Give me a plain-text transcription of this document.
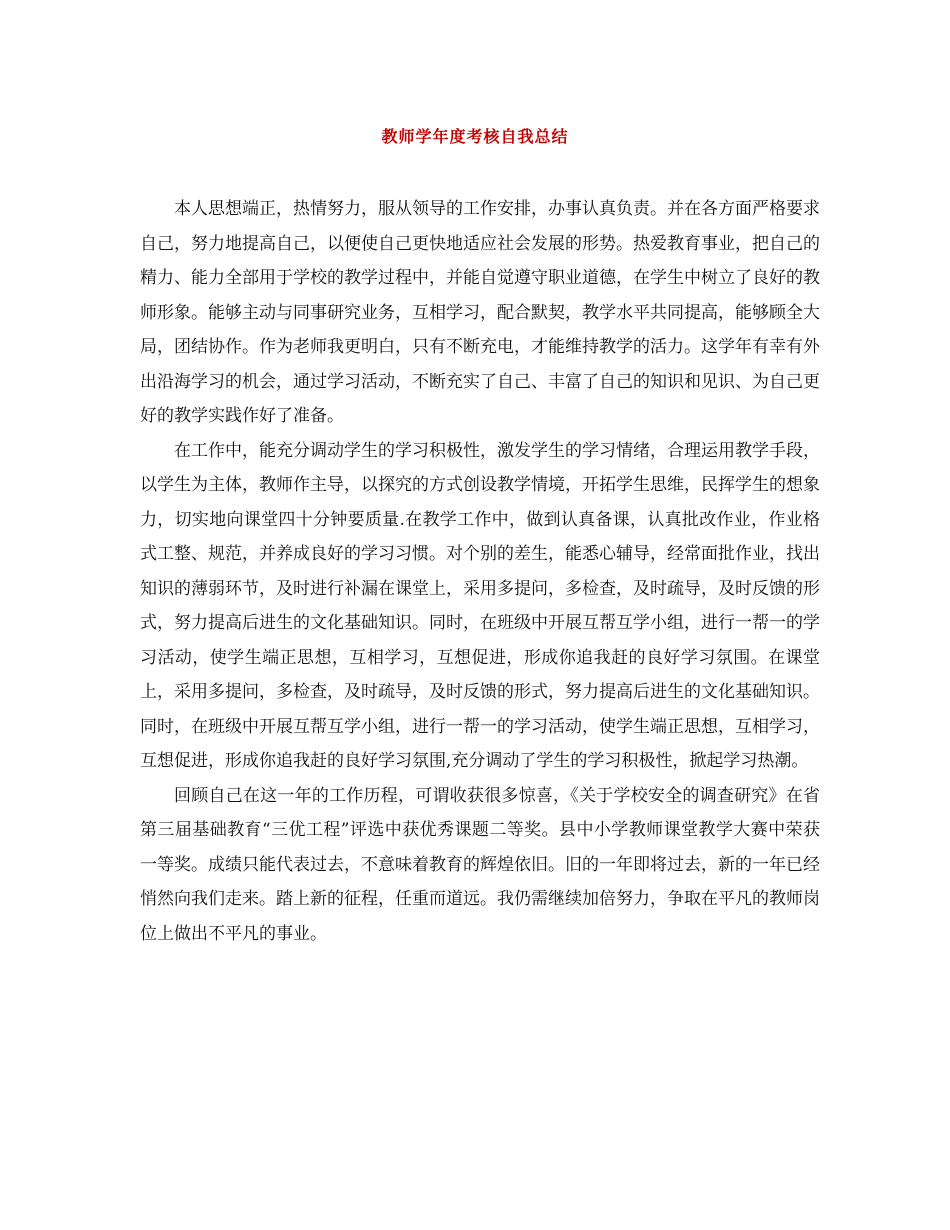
教师学年度考核自我总结

本人思想端正，热情努力，服从领导的工作安排，办事认真负责。并在各方面严格要求自己，努力地提高自己，以便使自己更快地适应社会发展的形势。热爱教育事业，把自己的精力、能力全部用于学校的教学过程中，并能自觉遵守职业道德，在学生中树立了良好的教师形象。能够主动与同事研究业务，互相学习，配合默契，教学水平共同提高，能够顾全大局，团结协作。作为老师我更明白，只有不断充电，才能维持教学的活力。这学年有幸有外出沿海学习的机会，通过学习活动，不断充实了自己、丰富了自己的知识和见识、为自己更好的教学实践作好了准备。

在工作中，能充分调动学生的学习积极性，激发学生的学习情绪，合理运用教学手段，以学生为主体，教师作主导，以探究的方式创设教学情境，开拓学生思维，民挥学生的想象力，切实地向课堂四十分钟要质量.在教学工作中，做到认真备课，认真批改作业，作业格式工整、规范，并养成良好的学习习惯。对个别的差生，能悉心辅导，经常面批作业，找出知识的薄弱环节，及时进行补漏在课堂上，采用多提问，多检查，及时疏导，及时反馈的形式，努力提高后进生的文化基础知识。同时，在班级中开展互帮互学小组，进行一帮一的学习活动，使学生端正思想，互相学习，互想促进，形成你追我赶的良好学习氛围。在课堂上，采用多提问，多检查，及时疏导，及时反馈的形式，努力提高后进生的文化基础知识。同时，在班级中开展互帮互学小组，进行一帮一的学习活动，使学生端正思想，互相学习，互想促进，形成你追我赶的良好学习氛围,充分调动了学生的学习积极性，掀起学习热潮。

回顾自己在这一年的工作历程，可谓收获很多惊喜，《关于学校安全的调查研究》在省第三届基础教育“三优工程”评选中获优秀课题二等奖。县中小学教师课堂教学大赛中荣获一等奖。成绩只能代表过去，不意味着教育的辉煌依旧。旧的一年即将过去，新的一年已经悄然向我们走来。踏上新的征程，任重而道远。我仍需继续加倍努力，争取在平凡的教师岗位上做出不平凡的事业。
